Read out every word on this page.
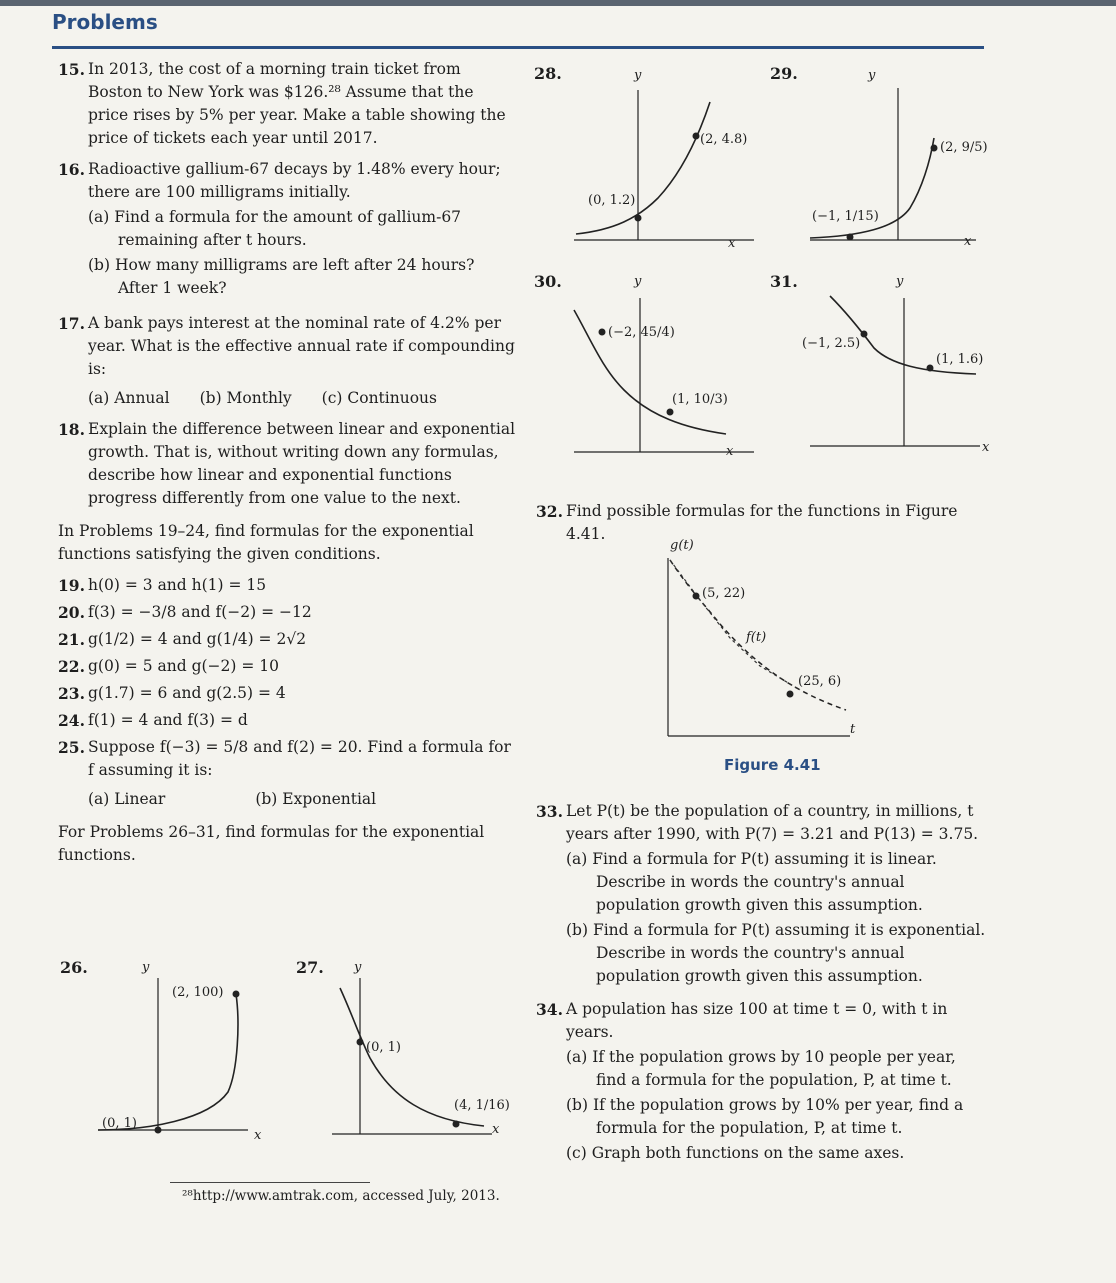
Problems
15. In 2013, the cost of a morning train ticket from Boston to New York was $126.²⁸ Assume that the price rises by 5% per year. Make a table showing the price of tickets each year until 2017.
16. Radioactive gallium-67 decays by 1.48% every hour; there are 100 milligrams initially.
(a) Find a formula for the amount of gallium-67 remaining after t hours.
(b) How many milligrams are left after 24 hours? After 1 week?
17. A bank pays interest at the nominal rate of 4.2% per year. What is the effective annual rate if compounding is:
(a) Annual (b) Monthly (c) Continuous
18. Explain the difference between linear and exponential growth. That is, without writing down any formulas, describe how linear and exponential functions progress differently from one value to the next.
In Problems 19–24, find formulas for the exponential functions satisfying the given conditions.
19. h(0) = 3 and h(1) = 15
20. f(3) = −3/8 and f(−2) = −12
21. g(1/2) = 4 and g(1/4) = 2√2
22. g(0) = 5 and g(−2) = 10
23. g(1.7) = 6 and g(2.5) = 4
24. f(1) = 4 and f(3) = d
25. Suppose f(−3) = 5/8 and f(2) = 20. Find a formula for f assuming it is:
(a) Linear	(b) Exponential
For Problems 26–31, find formulas for the exponential functions.
26.	y
x
(2, 100)
(0, 1)
27. y
x
(0, 1)
(4, 1/16)
²⁸http://www.amtrak.com, accessed July, 2013.
28.	y
x
(2, 4.8)
(0, 1.2)
29.	y
x
(2, 9/5)
(−1, 1/15)
30.	y
x
(−2, 45/4)
(1, 10/3)
31.	y
x
(−1, 2.5)
(1, 1.6)
32. Find possible formulas for the functions in Figure 4.41.
g(t)
t
(5, 22)
f(t)
(25, 6)
Figure 4.41
33. Let P(t) be the population of a country, in millions, t years after 1990, with P(7) = 3.21 and P(13) = 3.75.
(a) Find a formula for P(t) assuming it is linear. Describe in words the country's annual population growth given this assumption.
(b) Find a formula for P(t) assuming it is exponential. Describe in words the country's annual population growth given this assumption.
34. A population has size 100 at time t = 0, with t in years.
(a) If the population grows by 10 people per year, find a formula for the population, P, at time t.
(b) If the population grows by 10% per year, find a formula for the population, P, at time t.
(c) Graph both functions on the same axes.
